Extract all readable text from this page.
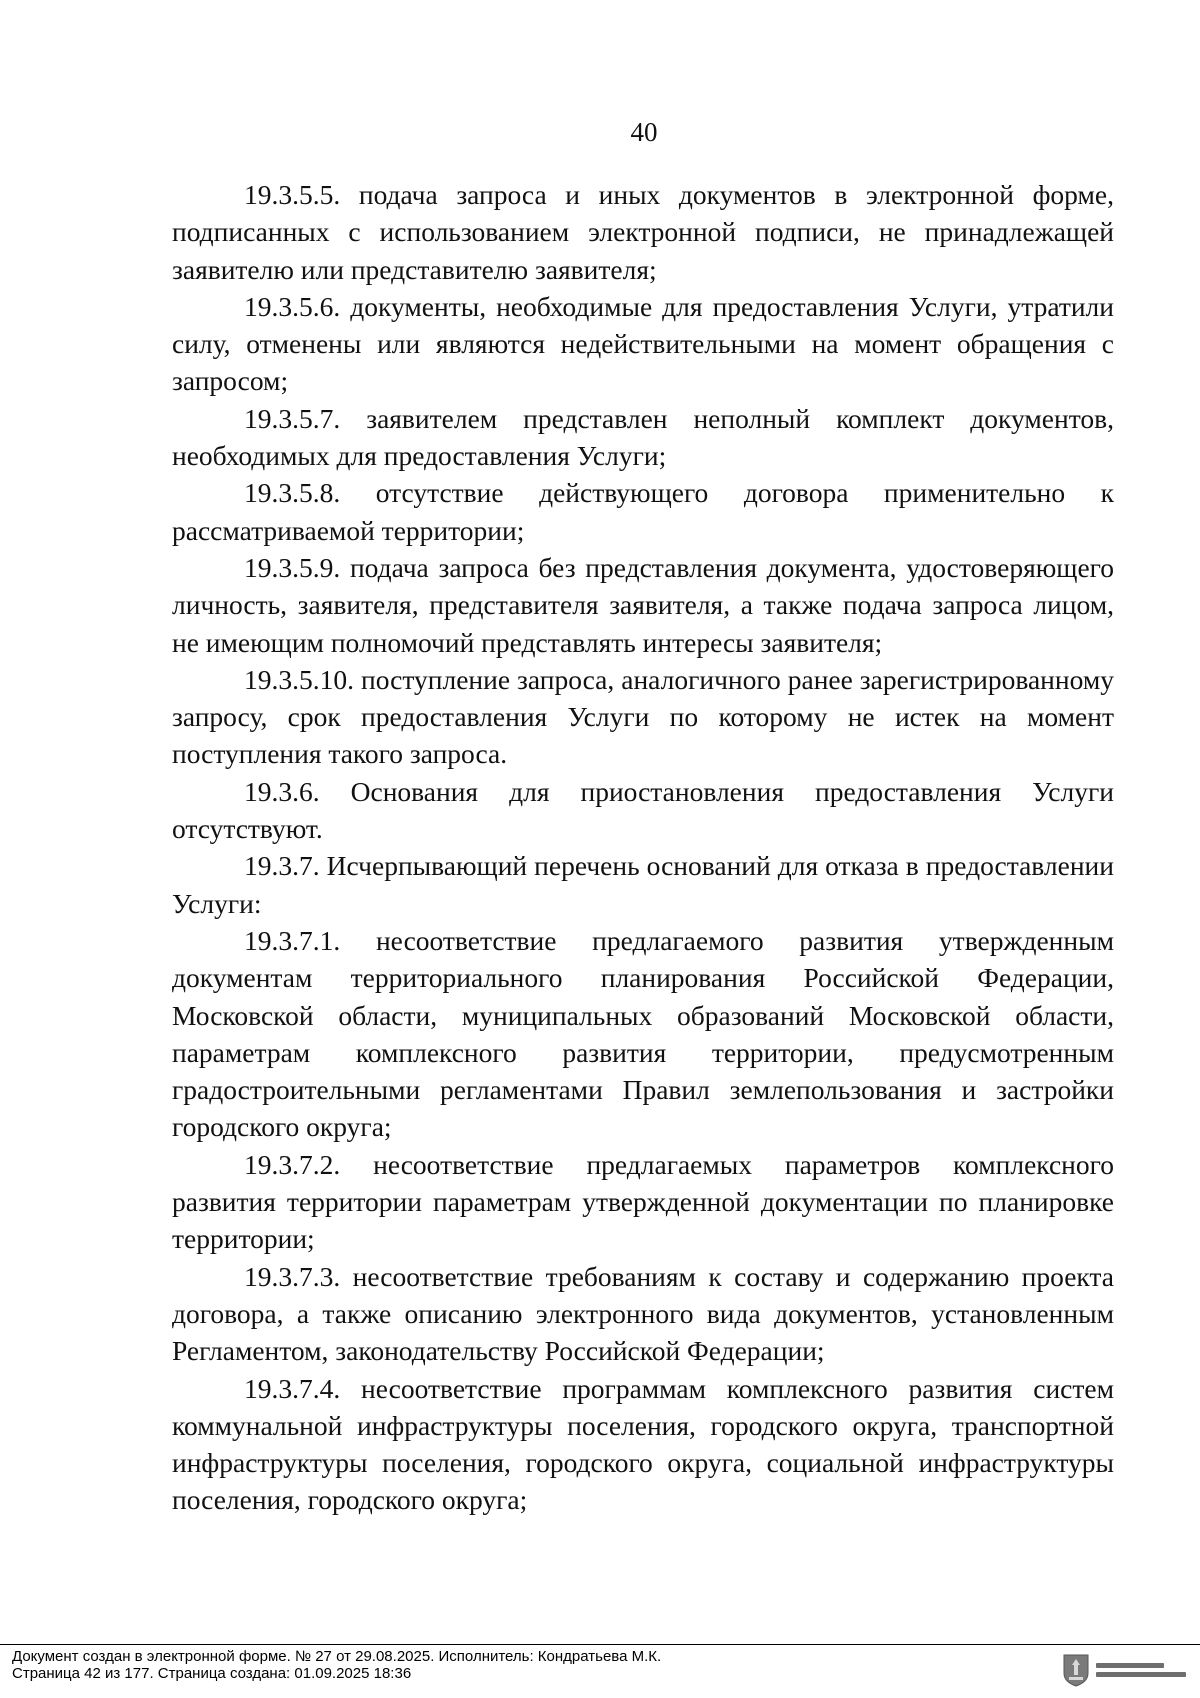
40

19.3.5.5. подача запроса и иных документов в электронной форме, подписанных с использованием электронной подписи, не принадлежащей заявителю или представителю заявителя;

19.3.5.6. документы, необходимые для предоставления Услуги, утратили силу, отменены или являются недействительными на момент обращения с запросом;

19.3.5.7. заявителем представлен неполный комплект документов, необходимых для предоставления Услуги;

19.3.5.8. отсутствие действующего договора применительно к рассматриваемой территории;

19.3.5.9. подача запроса без представления документа, удостоверяющего личность, заявителя, представителя заявителя, а также подача запроса лицом, не имеющим полномочий представлять интересы заявителя;

19.3.5.10. поступление запроса, аналогичного ранее зарегистрированному запросу, срок предоставления Услуги по которому не истек на момент поступления такого запроса.

19.3.6. Основания для приостановления предоставления Услуги отсутствуют.

19.3.7. Исчерпывающий перечень оснований для отказа в предоставлении Услуги:

19.3.7.1. несоответствие предлагаемого развития утвержденным документам территориального планирования Российской Федерации, Московской области, муниципальных образований Московской области, параметрам комплексного развития территории, предусмотренным градостроительными регламентами Правил землепользования и застройки городского округа;

19.3.7.2. несоответствие предлагаемых параметров комплексного развития территории параметрам утвержденной документации по планировке территории;

19.3.7.3. несоответствие требованиям к составу и содержанию проекта договора, а также описанию электронного вида документов, установленным Регламентом, законодательству Российской Федерации;

19.3.7.4. несоответствие программам комплексного развития систем коммунальной инфраструктуры поселения, городского округа, транспортной инфраструктуры поселения, городского округа, социальной инфраструктуры поселения, городского округа;

Документ создан в электронной форме. № 27 от 29.08.2025. Исполнитель: Кондратьева М.К.
Страница 42 из 177. Страница создана: 01.09.2025 18:36
